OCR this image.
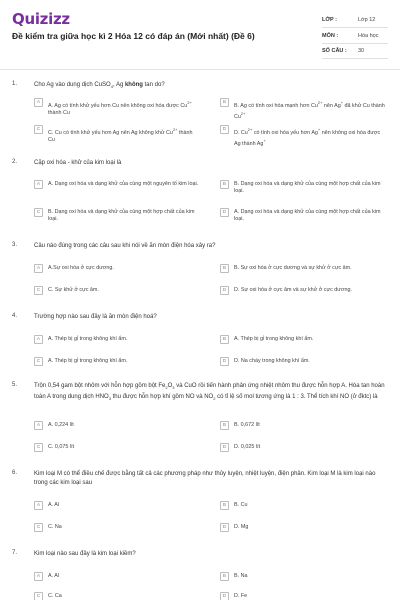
Quizizz
Đề kiểm tra giữa học kì 2 Hóa 12 có đáp án (Mới nhất) (Đề 6)
LỚP :	Lớp 12
MÔN :	Hóa học
SỐ CÂU :	30
1.	Cho Ag vào dung dịch CuSO$_4$, Ag không tan do?
A	A. Ag có tính khử yếu hơn Cu nên không oxi hóa được $Cu^{2+}$ thành Cu
B	B. Ag có tính oxi hóa mạnh hơn $Cu^{2+}$ nên Ag+ đã khử Cu thành $Cu^{2+}$
C	C. Cu có tính khử yếu hơn Ag nên Ag không khử $Cu^{2+}$ thành Cu
D	D. $Cu^{2+}$ có tính oxi hóa yếu hơn Ag+ nên không oxi hóa được Ag thành Ag+
2.	Cặp oxi hóa - khử của kim loại là
A	A. Dạng oxi hóa và dạng khử của cùng một nguyên tố kim loại.	B	B. Dạng oxi hóa và dạng khử của cùng một hợp chất của kim loại.
C	B. Dạng oxi hóa và dạng khử của cùng một hợp chất của kim loại.
D	A. Dạng oxi hóa và dạng khử của cùng một hợp chất của kim loại.
3.	Câu nào đúng trong các câu sau khi nói về ăn mòn điện hóa xảy ra?
A	A.Sự oxi hóa ở cực dương.	B	B. Sự oxi hóa ở cực dương và sự khử ở cực âm.
C	C. Sự khử ở cực âm.	D	D. Sự oxi hóa ở cực âm và sự khử ở cực dương.
4.	Trường hợp nào sau đây là ăn mòn điện hoá?
A	A. Thép bị gỉ trong không khí ẩm.	B	A. Thép bị gỉ trong không khí ẩm.
C	A. Thép bị gỉ trong không khí ẩm.	D	D. Na cháy trong không khí ẩm.
5.	Trộn 0,54 gam bột nhôm với hỗn hợp gồm bột $Fe_2O_3$ và CuO rồi tiến hành phản ứng nhiệt nhôm thu được hỗn hợp A. Hòa tan hoàn toàn A trong dung dịch $HNO_3$ thu được hỗn hợp khí gồm NO và $NO_2$ có tỉ lệ số mol tương ứng là 1 : 3. Thể tích khí NO (ở đktc) là
A	A. 0,224 lít	B	B. 0,672 lít
C	C. 0,075 lít	D	D. 0,025 lít
6.	Kim loại M có thể điều chế được bằng tất cả các phương pháp như thủy luyện, nhiệt luyện, điện phân. Kim loại M là kim loại nào trong các kim loại sau
A	A. Al	B	B. Cu
C	C. Na	D	D. Mg
7.	Kim loại nào sau đây là kim loại kiềm?
A	A. Al	B	B. Na
C	C. Ca	D	D. Fe
